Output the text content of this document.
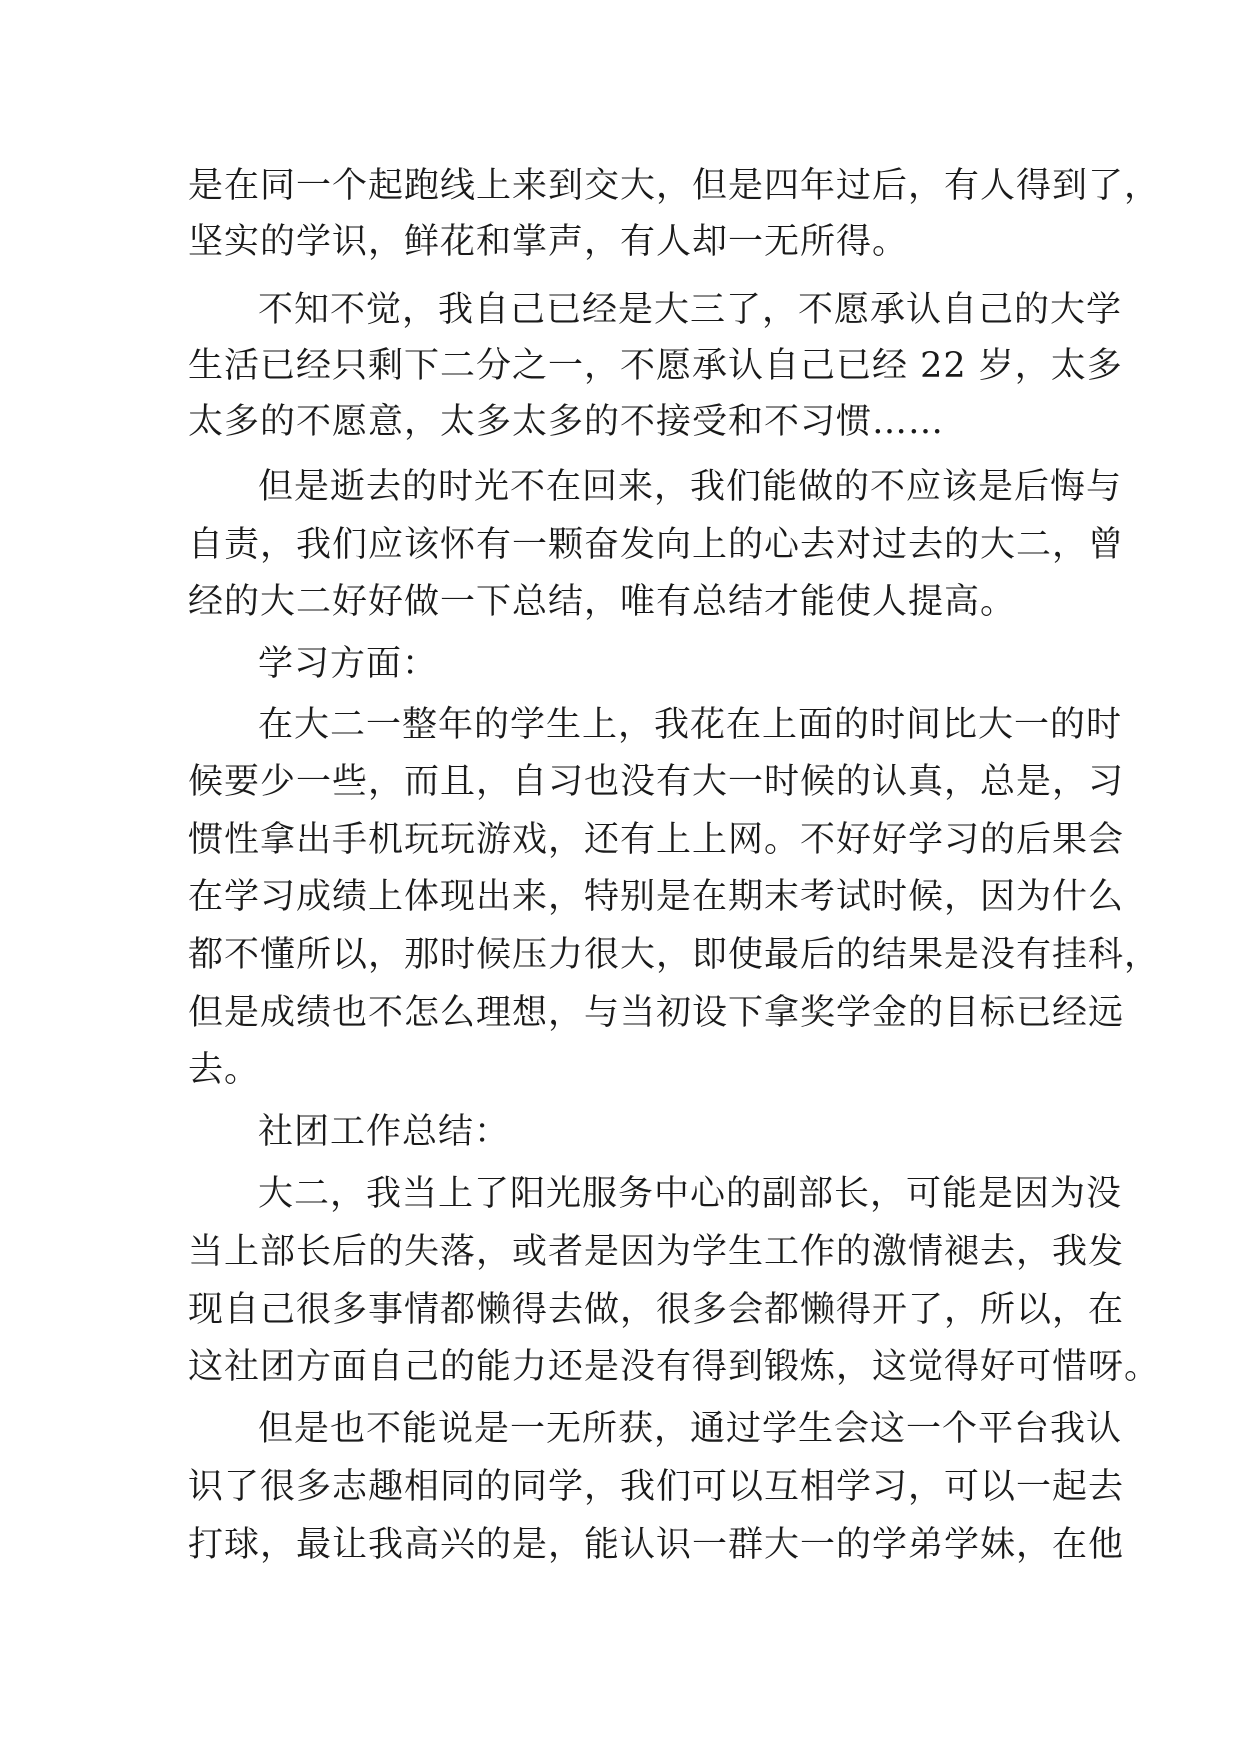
是在同一个起跑线上来到交大，但是四年过后，有人得到了，
坚实的学识，鲜花和掌声，有人却一无所得。
不知不觉，我自己已经是大三了，不愿承认自己的大学
生活已经只剩下二分之一，不愿承认自己已经 22 岁，太多
太多的不愿意，太多太多的不接受和不习惯……
但是逝去的时光不在回来，我们能做的不应该是后悔与
自责，我们应该怀有一颗奋发向上的心去对过去的大二，曾
经的大二好好做一下总结，唯有总结才能使人提高。
学习方面：
在大二一整年的学生上，我花在上面的时间比大一的时
候要少一些，而且，自习也没有大一时候的认真，总是，习
惯性拿出手机玩玩游戏，还有上上网。不好好学习的后果会
在学习成绩上体现出来，特别是在期末考试时候，因为什么
都不懂所以，那时候压力很大，即使最后的结果是没有挂科，
但是成绩也不怎么理想，与当初设下拿奖学金的目标已经远
去。
社团工作总结：
大二，我当上了阳光服务中心的副部长，可能是因为没
当上部长后的失落，或者是因为学生工作的激情褪去，我发
现自己很多事情都懒得去做，很多会都懒得开了，所以，在
这社团方面自己的能力还是没有得到锻炼，这觉得好可惜呀。
但是也不能说是一无所获，通过学生会这一个平台我认
识了很多志趣相同的同学，我们可以互相学习，可以一起去
打球，最让我高兴的是，能认识一群大一的学弟学妹，在他
